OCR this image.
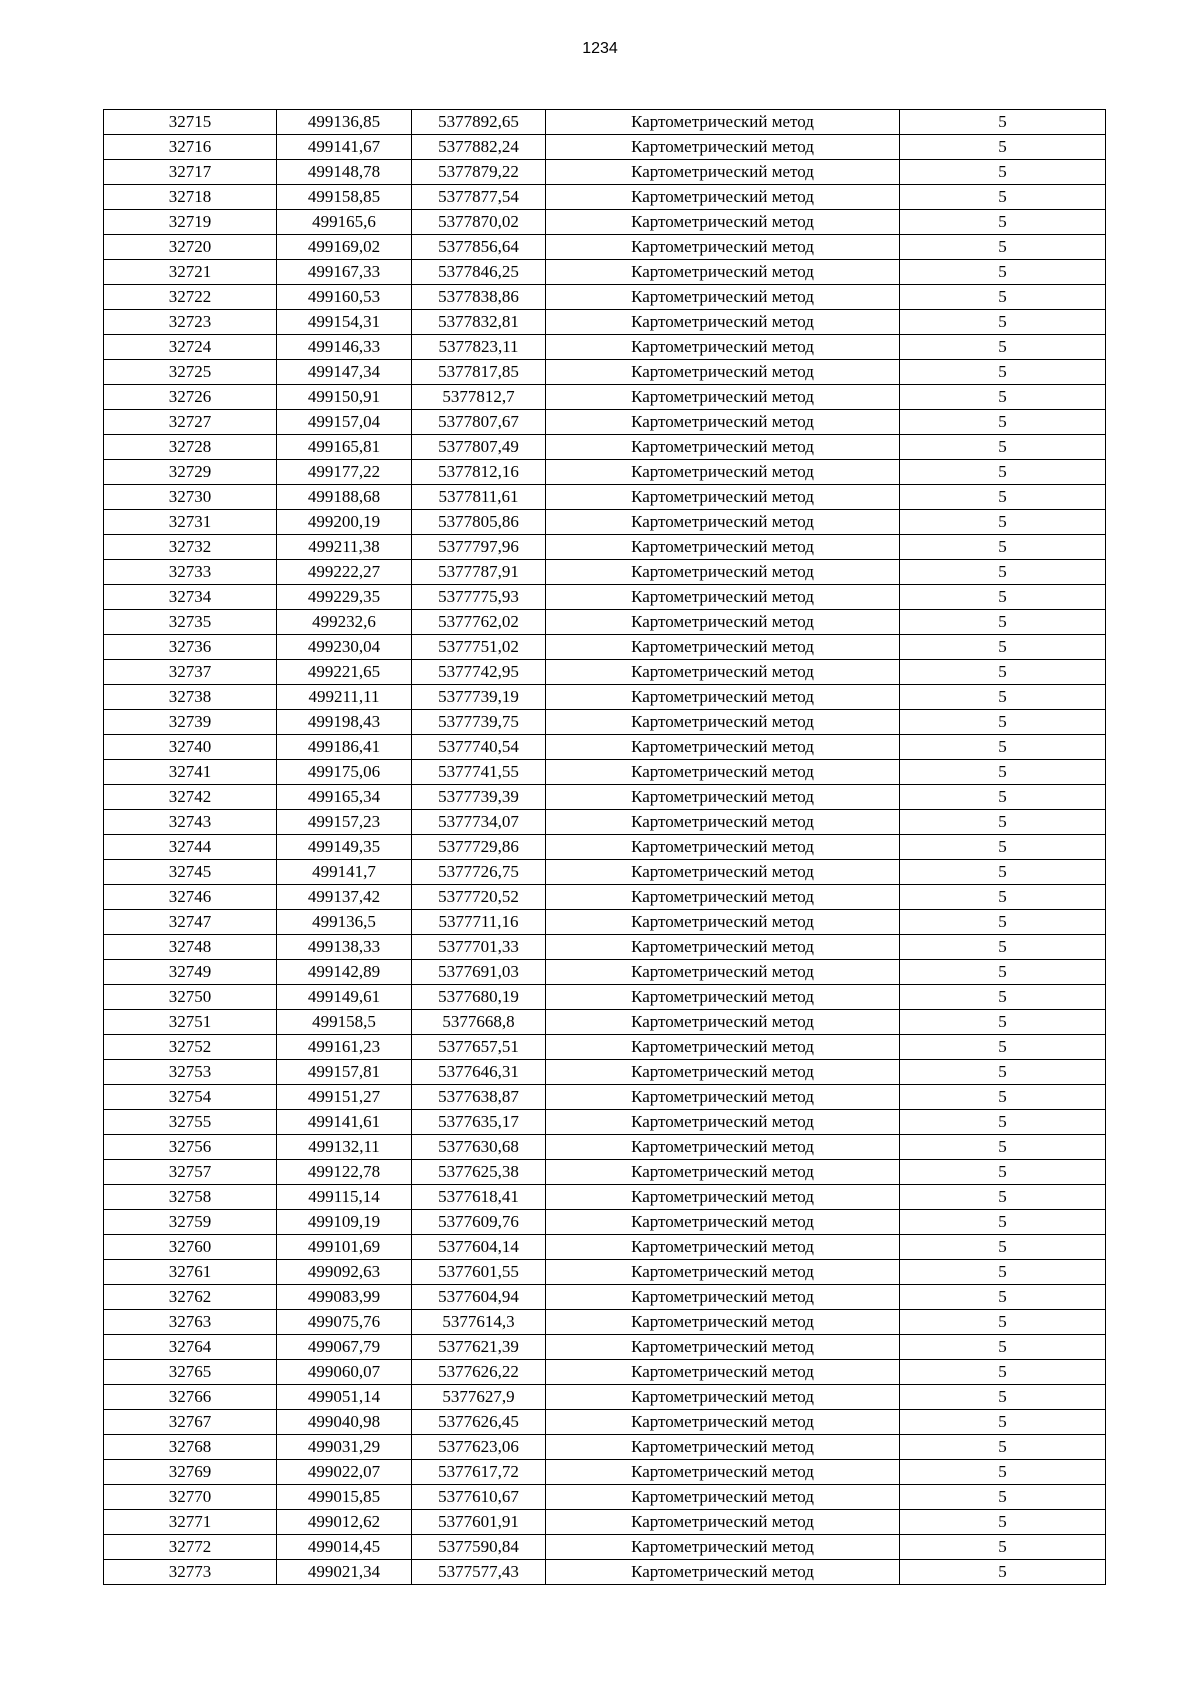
1234
32715	499136,85	5377892,65	Картометрический метод	5
32716	499141,67	5377882,24	Картометрический метод	5
32717	499148,78	5377879,22	Картометрический метод	5
32718	499158,85	5377877,54	Картометрический метод	5
32719	499165,6	5377870,02	Картометрический метод	5
32720	499169,02	5377856,64	Картометрический метод	5
32721	499167,33	5377846,25	Картометрический метод	5
32722	499160,53	5377838,86	Картометрический метод	5
32723	499154,31	5377832,81	Картометрический метод	5
32724	499146,33	5377823,11	Картометрический метод	5
32725	499147,34	5377817,85	Картометрический метод	5
32726	499150,91	5377812,7	Картометрический метод	5
32727	499157,04	5377807,67	Картометрический метод	5
32728	499165,81	5377807,49	Картометрический метод	5
32729	499177,22	5377812,16	Картометрический метод	5
32730	499188,68	5377811,61	Картометрический метод	5
32731	499200,19	5377805,86	Картометрический метод	5
32732	499211,38	5377797,96	Картометрический метод	5
32733	499222,27	5377787,91	Картометрический метод	5
32734	499229,35	5377775,93	Картометрический метод	5
32735	499232,6	5377762,02	Картометрический метод	5
32736	499230,04	5377751,02	Картометрический метод	5
32737	499221,65	5377742,95	Картометрический метод	5
32738	499211,11	5377739,19	Картометрический метод	5
32739	499198,43	5377739,75	Картометрический метод	5
32740	499186,41	5377740,54	Картометрический метод	5
32741	499175,06	5377741,55	Картометрический метод	5
32742	499165,34	5377739,39	Картометрический метод	5
32743	499157,23	5377734,07	Картометрический метод	5
32744	499149,35	5377729,86	Картометрический метод	5
32745	499141,7	5377726,75	Картометрический метод	5
32746	499137,42	5377720,52	Картометрический метод	5
32747	499136,5	5377711,16	Картометрический метод	5
32748	499138,33	5377701,33	Картометрический метод	5
32749	499142,89	5377691,03	Картометрический метод	5
32750	499149,61	5377680,19	Картометрический метод	5
32751	499158,5	5377668,8	Картометрический метод	5
32752	499161,23	5377657,51	Картометрический метод	5
32753	499157,81	5377646,31	Картометрический метод	5
32754	499151,27	5377638,87	Картометрический метод	5
32755	499141,61	5377635,17	Картометрический метод	5
32756	499132,11	5377630,68	Картометрический метод	5
32757	499122,78	5377625,38	Картометрический метод	5
32758	499115,14	5377618,41	Картометрический метод	5
32759	499109,19	5377609,76	Картометрический метод	5
32760	499101,69	5377604,14	Картометрический метод	5
32761	499092,63	5377601,55	Картометрический метод	5
32762	499083,99	5377604,94	Картометрический метод	5
32763	499075,76	5377614,3	Картометрический метод	5
32764	499067,79	5377621,39	Картометрический метод	5
32765	499060,07	5377626,22	Картометрический метод	5
32766	499051,14	5377627,9	Картометрический метод	5
32767	499040,98	5377626,45	Картометрический метод	5
32768	499031,29	5377623,06	Картометрический метод	5
32769	499022,07	5377617,72	Картометрический метод	5
32770	499015,85	5377610,67	Картометрический метод	5
32771	499012,62	5377601,91	Картометрический метод	5
32772	499014,45	5377590,84	Картометрический метод	5
32773	499021,34	5377577,43	Картометрический метод	5
